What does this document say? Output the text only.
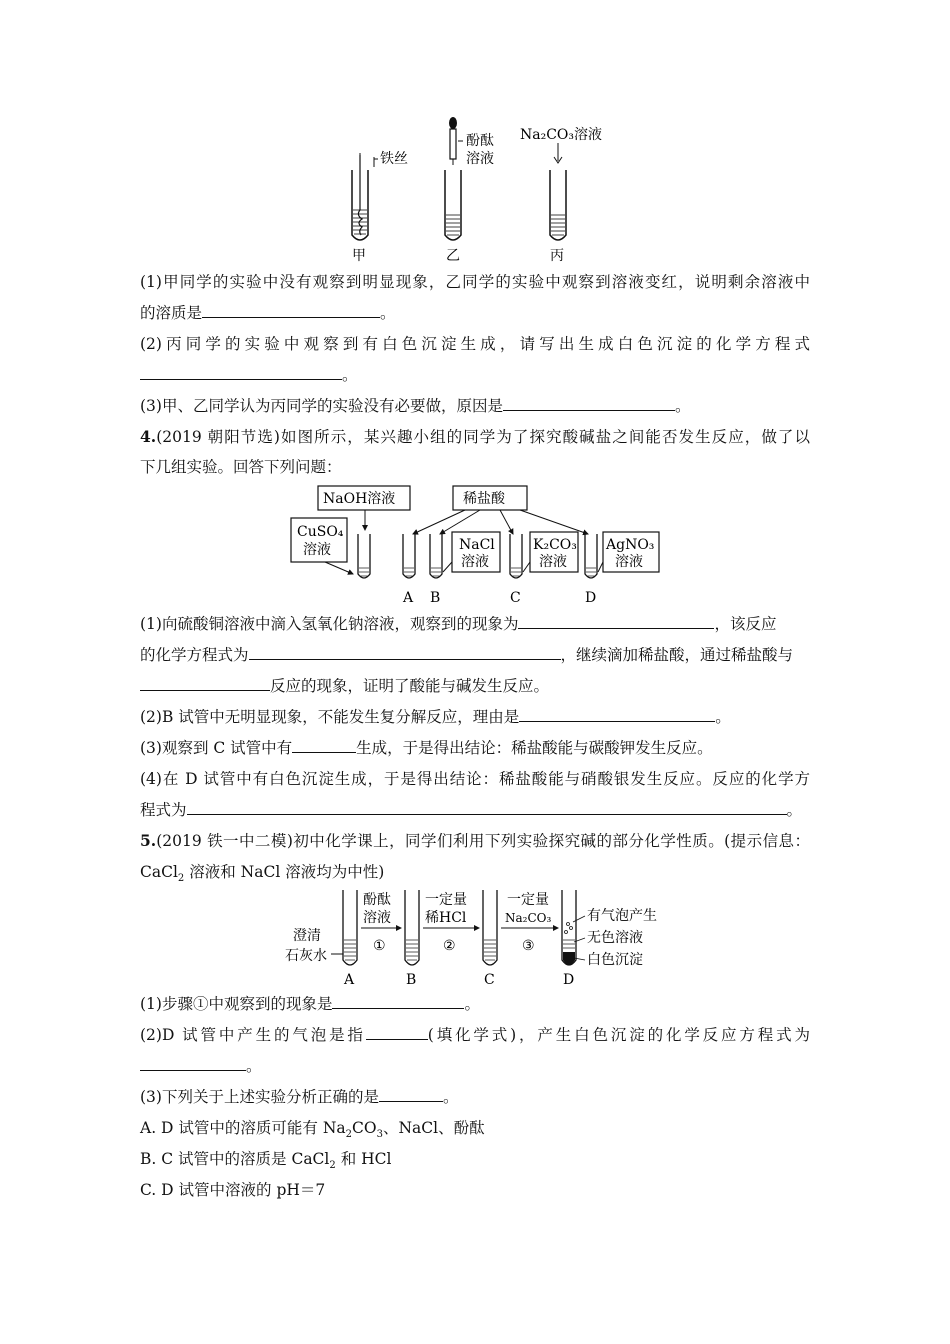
铁丝
甲
酚酞
溶液
乙
Na₂CO₃溶液
丙
(1)甲同学的实验中没有观察到明显现象，乙同学的实验中观察到溶液变红，说明剩余溶液中
的溶质是	。
(2)丙同学的实验中观察到有白色沉淀生成，请写出生成白色沉淀的化学方程式
。
(3)甲、乙同学认为丙同学的实验没有必要做，原因是	。
4.(2019 朝阳节选)如图所示，某兴趣小组的同学为了探究酸碱盐之间能否发生反应，做了以
下几组实验。回答下列问题：
NaOH溶液	稀盐酸
CuSO₄
溶液	NaCl
溶液
K₂CO₃
溶液
AgNO₃
溶液
A B	C	D
(1)向硫酸铜溶液中滴入氢氧化钠溶液，观察到的现象为	，该反应
的化学方程式为	，继续滴加稀盐酸，通过稀盐酸与
反应的现象，证明了酸能与碱发生反应。
(2)B 试管中无明显现象，不能发生复分解反应，理由是	。
(3)观察到 C 试管中有	生成，于是得出结论：稀盐酸能与碳酸钾发生反应。
(4)在 D 试管中有白色沉淀生成，于是得出结论：稀盐酸能与硝酸银发生反应。反应的化学方
程式为	。
5.(2019 铁一中二模)初中化学课上，同学们利用下列实验探究碱的部分化学性质。(提示信息：
CaCl$_2$ 溶液和 NaCl 溶液均为中性)
澄清
石灰水
酚酞
溶液
①
一定量
稀HCl
②
一定量
Na₂CO₃
③
有气泡产生
无色溶液
白色沉淀
A	B	C	D
(1)步骤①中观察到的现象是	。
(2)D 试管中产生的气泡是指	(填化学式)，产生白色沉淀的化学反应方程式为
。
(3)下列关于上述实验分析正确的是	。
A. D 试管中的溶质可能有 $Na_2CO_3$、NaCl、酚酞
B. C 试管中的溶质是 CaCl$_2$ 和 HCl
C. D 试管中溶液的 pH＝7
